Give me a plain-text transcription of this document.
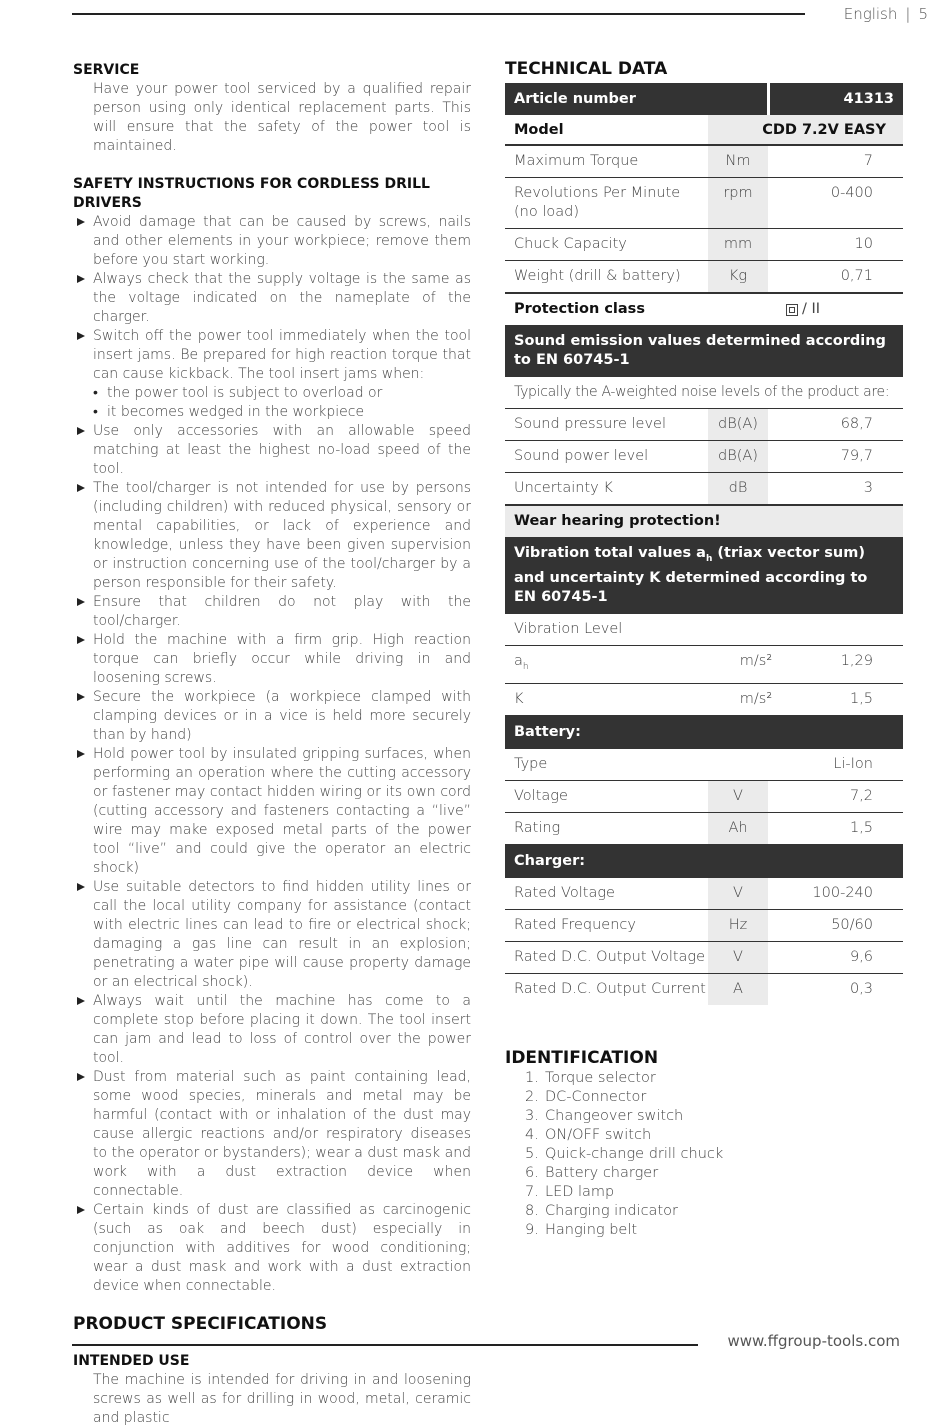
English | 5
SERVICE
Have your power tool serviced by a qualified repair person using only identical replacement parts. This will ensure that the safety of the power tool is maintained.
SAFETY INSTRUCTIONS FOR CORDLESS DRILL DRIVERS
Avoid damage that can be caused by screws, nails and other elements in your workpiece; remove them before you start working.
Always check that the supply voltage is the same as the voltage indicated on the nameplate of the charger.
Switch off the power tool immediately when the tool insert jams. Be prepared for high reaction torque that can cause kickback. The tool insert jams when:
• the power tool is subject to overload or
• it becomes wedged in the workpiece
Use only accessories with an allowable speed matching at least the highest no-load speed of the tool.
The tool/charger is not intended for use by persons (including children) with reduced physical, sensory or mental capabilities, or lack of experience and knowledge, unless they have been given supervision or instruction concerning use of the tool/charger by a person responsible for their safety.
Ensure that children do not play with the tool/charger.
Hold the machine with a firm grip. High reaction torque can briefly occur while driving in and loosening screws.
Secure the workpiece (a workpiece clamped with clamping devices or in a vice is held more securely than by hand)
Hold power tool by insulated gripping surfaces, when performing an operation where the cutting accessory or fastener may contact hidden wiring or its own cord (cutting accessory and fasteners contacting a “live” wire may make exposed metal parts of the power tool “live” and could give the operator an electric shock)
Use suitable detectors to find hidden utility lines or call the local utility company for assistance (contact with electric lines can lead to fire or electrical shock; damaging a gas line can result in an explosion; penetrating a water pipe will cause property damage or an electrical shock).
Always wait until the machine has come to a complete stop before placing it down. The tool insert can jam and lead to loss of control over the power tool.
Dust from material such as paint containing lead, some wood species, minerals and metal may be harmful (contact with or inhalation of the dust may cause allergic reactions and/or respiratory diseases to the operator or bystanders); wear a dust mask and work with a dust extraction device when connectable.
Certain kinds of dust are classified as carcinogenic (such as oak and beech dust) especially in conjunction with additives for wood conditioning; wear a dust mask and work with a dust extraction device when connectable.
PRODUCT SPECIFICATIONS
INTENDED USE
The machine is intended for driving in and loosening screws as well as for drilling in wood, metal, ceramic and plastic
TECHNICAL DATA
Article number	41313
Model	CDD 7.2V EASY
Maximum Torque	Nm	7
Revolutions Per Minute (no load)
rpm	0-400
Chuck Capacity	mm	10
Weight (drill & battery)	Kg	0,71
Protection class	/ II
Sound emission values determined according to EN 60745-1
Typically the A-weighted noise levels of the product are:
Sound pressure level	dB(A)	68,7
Sound power level	dB(A)	79,7
Uncertainty K	dB	3
Wear hearing protection!
Vibration total values $a_h$ (triax vector sum) and uncertainty K determined according to EN 60745-1
Vibration Level
$a_h$	m/s²	1,29
K	m/s²	1,5
Battery:
Type	Li-Ion
Voltage	V	7,2
Rating	Ah	1,5
Charger:
Rated Voltage	V	100-240
Rated Frequency	Hz	50/60
Rated D.C. Output Voltage	V	9,6
Rated D.C. Output Current	A	0,3
IDENTIFICATION
1. Torque selector
2. DC-Connector
3. Changeover switch
4. ON/OFF switch
5. Quick-change drill chuck
6. Battery charger
7. LED lamp
8. Charging indicator
9. Hanging belt
www.ffgroup-tools.com
